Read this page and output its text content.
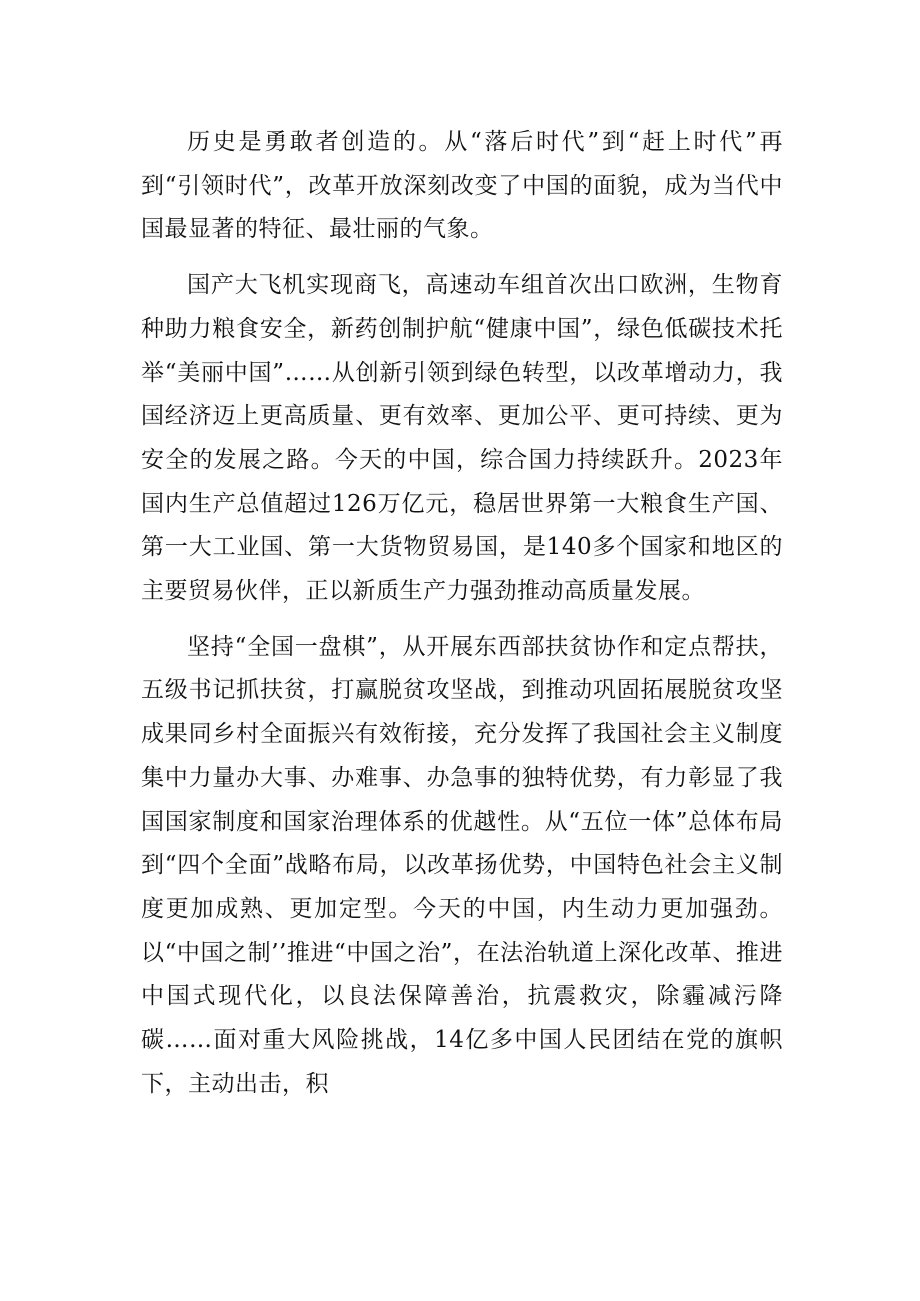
历史是勇敢者创造的。从“落后时代”到“赶上时代”再到“引领时代”，改革开放深刻改变了中国的面貌，成为当代中国最显著的特征、最壮丽的气象。

国产大飞机实现商飞，高速动车组首次出口欧洲，生物育种助力粮食安全，新药创制护航“健康中国”，绿色低碳技术托举“美丽中国”……从创新引领到绿色转型，以改革增动力，我国经济迈上更高质量、更有效率、更加公平、更可持续、更为安全的发展之路。今天的中国，综合国力持续跃升。2023年国内生产总值超过126万亿元，稳居世界第一大粮食生产国、第一大工业国、第一大货物贸易国，是140多个国家和地区的主要贸易伙伴，正以新质生产力强劲推动高质量发展。

坚持“全国一盘棋”，从开展东西部扶贫协作和定点帮扶，五级书记抓扶贫，打赢脱贫攻坚战，到推动巩固拓展脱贫攻坚成果同乡村全面振兴有效衔接，充分发挥了我国社会主义制度集中力量办大事、办难事、办急事的独特优势，有力彰显了我国国家制度和国家治理体系的优越性。从“五位一体”总体布局到“四个全面”战略布局，以改革扬优势，中国特色社会主义制度更加成熟、更加定型。今天的中国，内生动力更加强劲。以“中国之制’’推进“中国之治”，在法治轨道上深化改革、推进中国式现代化，以良法保障善治，抗震救灾，除霾减污降碳……面对重大风险挑战，14亿多中国人民团结在党的旗帜下，主动出击，积
